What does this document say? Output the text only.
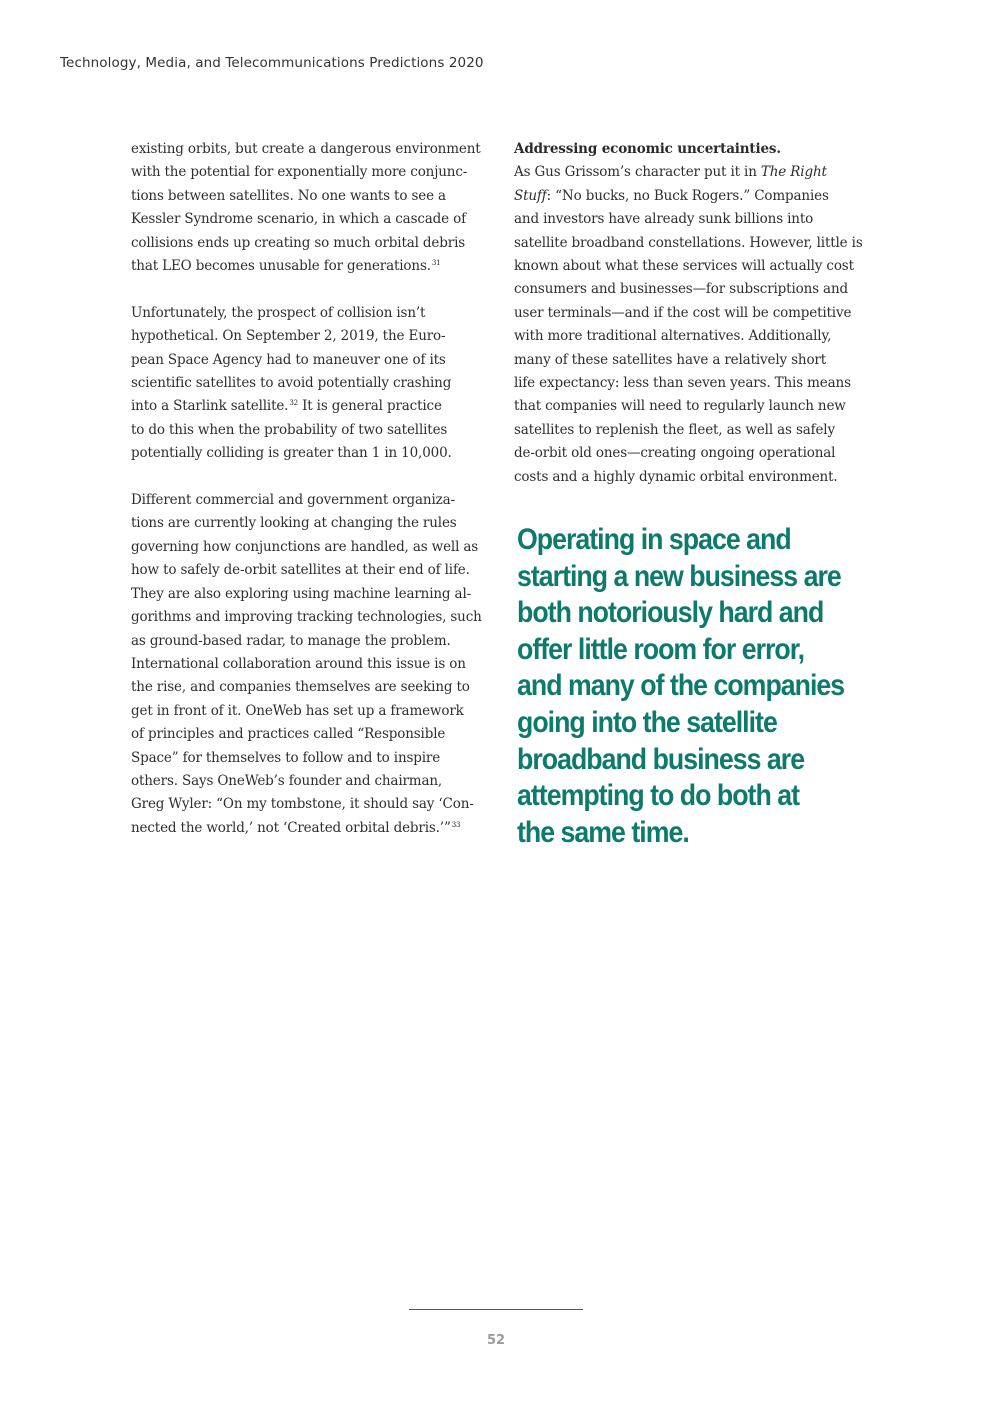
Technology, Media, and Telecommunications Predictions 2020
existing orbits, but create a dangerous environment
with the potential for exponentially more conjunc-
tions between satellites. No one wants to see a
Kessler Syndrome scenario, in which a cascade of
collisions ends up creating so much orbital debris
that LEO becomes unusable for generations.$^{31}$
Unfortunately, the prospect of collision isn’t
hypothetical. On September 2, 2019, the Euro-
pean Space Agency had to maneuver one of its
scientific satellites to avoid potentially crashing
into a Starlink satellite.$^{32}$ It is general practice
to do this when the probability of two satellites
potentially colliding is greater than 1 in 10,000.
Different commercial and government organiza-
tions are currently looking at changing the rules
governing how conjunctions are handled, as well as
how to safely de-orbit satellites at their end of life.
They are also exploring using machine learning al-
gorithms and improving tracking technologies, such
as ground-based radar, to manage the problem.
International collaboration around this issue is on
the rise, and companies themselves are seeking to
get in front of it. OneWeb has set up a framework
of principles and practices called “Responsible
Space” for themselves to follow and to inspire
others. Says OneWeb’s founder and chairman,
Greg Wyler: “On my tombstone, it should say ‘Con-
nected the world,’ not ‘Created orbital debris.’”$^{33}$
Addressing economic uncertainties.
As Gus Grissom’s character put it in The Right
Stuff: “No bucks, no Buck Rogers.” Companies
and investors have already sunk billions into
satellite broadband constellations. However, little is
known about what these services will actually cost
consumers and businesses—for subscriptions and
user terminals—and if the cost will be competitive
with more traditional alternatives. Additionally,
many of these satellites have a relatively short
life expectancy: less than seven years. This means
that companies will need to regularly launch new
satellites to replenish the fleet, as well as safely
de-orbit old ones—creating ongoing operational
costs and a highly dynamic orbital environment.
Operating in space and
starting a new business are
both notoriously hard and
offer little room for error,
and many of the companies
going into the satellite
broadband business are
attempting to do both at
the same time.
52
